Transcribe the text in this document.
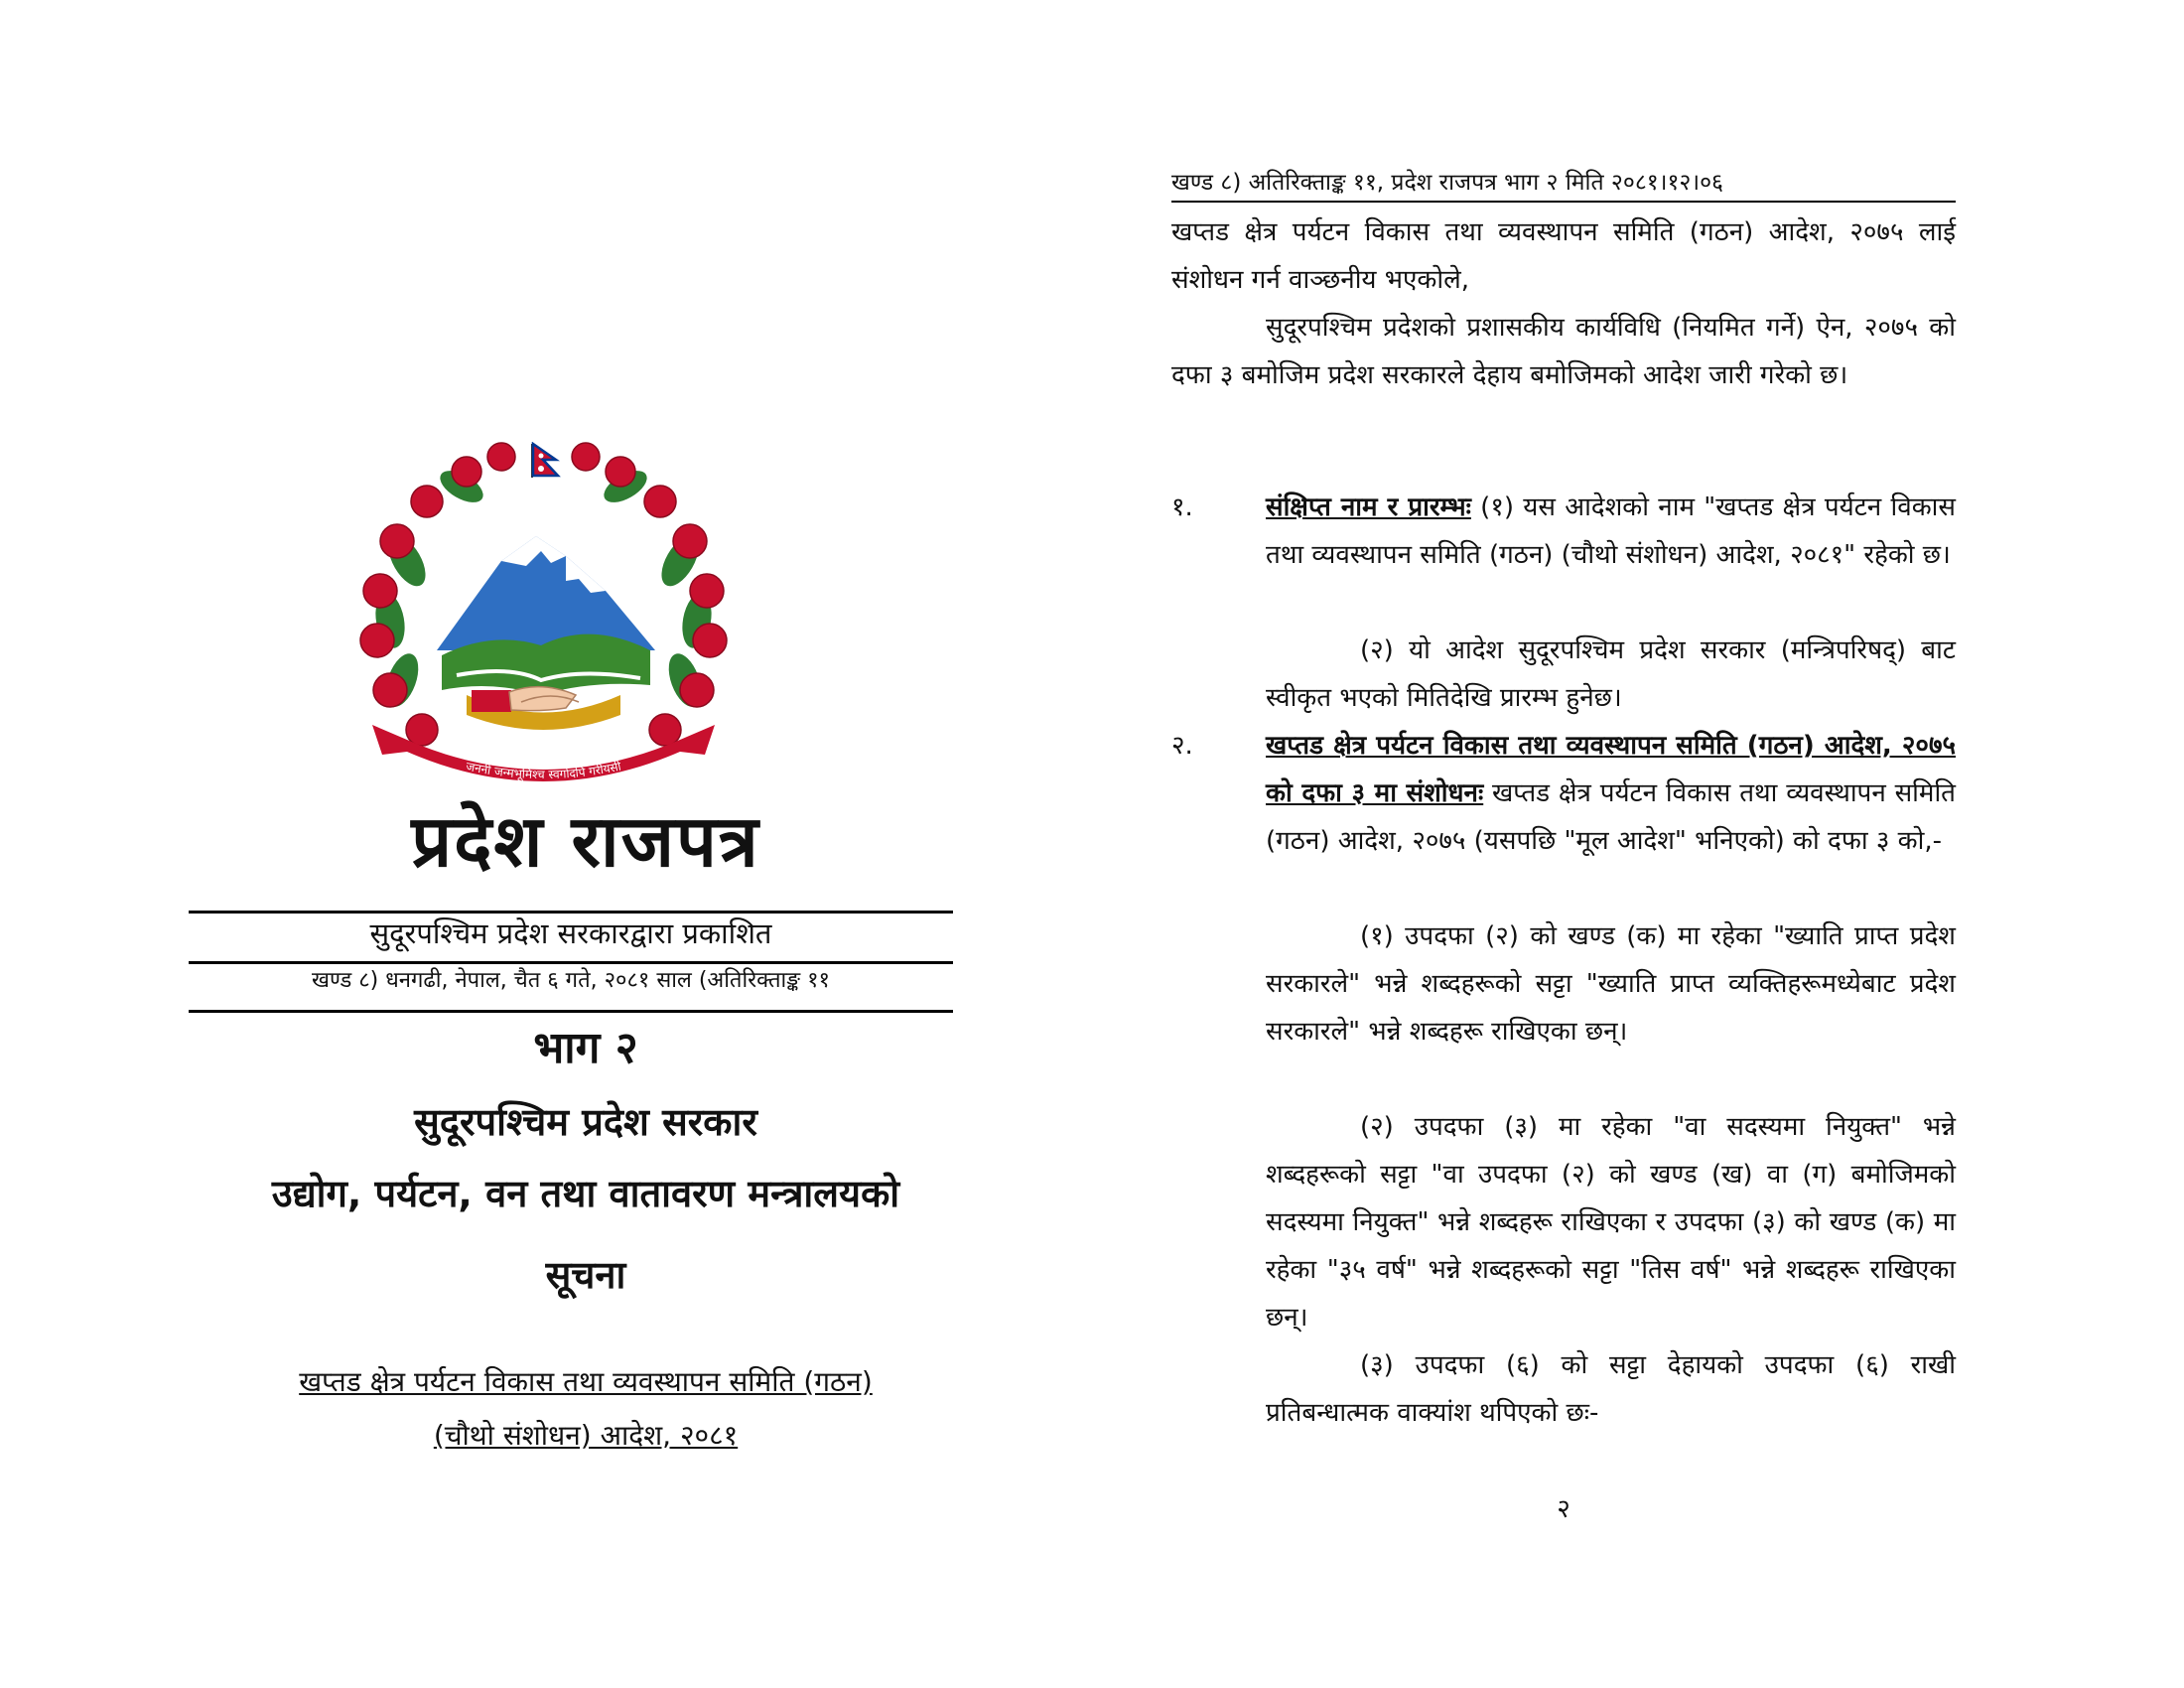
जननी जन्मभूमिश्च स्वर्गादपि गरीयसी
प्रदेश राजपत्र
सुदूरपश्चिम प्रदेश सरकारद्वारा प्रकाशित
खण्ड ८) धनगढी, नेपाल, चैत ६ गते, २०८१ साल (अतिरिक्ताङ्क ११
भाग २
सुदूरपश्चिम प्रदेश सरकार
उद्योग, पर्यटन, वन तथा वातावरण मन्त्रालयको
सूचना
खप्तड क्षेत्र पर्यटन विकास तथा व्यवस्थापन समिति (गठन)
(चौथो संशोधन) आदेश, २०८१
खण्ड ८) अतिरिक्ताङ्क ११, प्रदेश राजपत्र भाग २ मिति २०८१।१२।०६

खप्तड क्षेत्र पर्यटन विकास तथा व्यवस्थापन समिति (गठन) आदेश, २०७५ लाई संशोधन गर्न वाञ्छनीय भएकोले,

सुदूरपश्चिम प्रदेशको प्रशासकीय कार्यविधि (नियमित गर्ने) ऐन, २०७५ को दफा ३ बमोजिम प्रदेश सरकारले देहाय बमोजिमको आदेश जारी गरेको छ।

१.	संक्षिप्त नाम र प्रारम्भः (१) यस आदेशको नाम "खप्तड क्षेत्र पर्यटन विकास तथा व्यवस्थापन समिति (गठन) (चौथो संशोधन) आदेश, २०८१" रहेको छ।

(२) यो आदेश सुदूरपश्चिम प्रदेश सरकार (मन्त्रिपरिषद्) बाट स्वीकृत भएको मितिदेखि प्रारम्भ हुनेछ।

२.	खप्तड क्षेत्र पर्यटन विकास तथा व्यवस्थापन समिति (गठन) आदेश, २०७५ को दफा ३ मा संशोधनः खप्तड क्षेत्र पर्यटन विकास तथा व्यवस्थापन समिति (गठन) आदेश, २०७५ (यसपछि "मूल आदेश" भनिएको) को दफा ३ को,-

(१) उपदफा (२) को खण्ड (क) मा रहेका "ख्याति प्राप्त प्रदेश सरकारले" भन्ने शब्दहरूको सट्टा "ख्याति प्राप्त व्यक्तिहरूमध्येबाट प्रदेश सरकारले" भन्ने शब्दहरू राखिएका छन्।

(२) उपदफा (३) मा रहेका "वा सदस्यमा नियुक्त" भन्ने शब्दहरूको सट्टा "वा उपदफा (२) को खण्ड (ख) वा (ग) बमोजिमको सदस्यमा नियुक्त" भन्ने शब्दहरू राखिएका र उपदफा (३) को खण्ड (क) मा रहेका "३५ वर्ष" भन्ने शब्दहरूको सट्टा "तिस वर्ष" भन्ने शब्दहरू राखिएका छन्।

(३) उपदफा (६) को सट्टा देहायको उपदफा (६) राखी प्रतिबन्धात्मक वाक्यांश थपिएको छः-

२
